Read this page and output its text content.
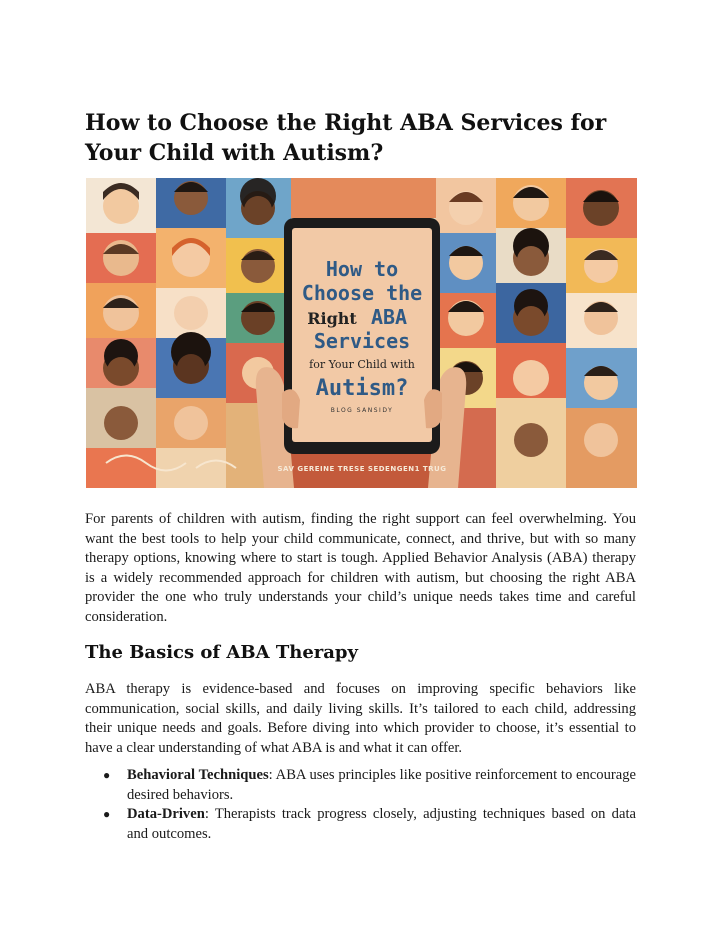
How to Choose the Right ABA Services for Your Child with Autism?
How to
Choose the
Right ABA
Services
for Your Child with
Autism?
BLOG SANSIDY
SAV GEREINE TRESE SEDENGEN1 TRUG

For parents of children with autism, finding the right support can feel overwhelming. You want the best tools to help your child communicate, connect, and thrive, but with so many therapy options, knowing where to start is tough. Applied Behavior Analysis (ABA) therapy is a widely recommended approach for children with autism, but choosing the right ABA provider the one who truly understands your child’s unique needs takes time and careful consideration.

The Basics of ABA Therapy

ABA therapy is evidence-based and focuses on improving specific behaviors like communication, social skills, and daily living skills. It’s tailored to each child, addressing their unique needs and goals. Before diving into which provider to choose, it’s essential to have a clear understanding of what ABA is and what it can offer.

● Behavioral Techniques: ABA uses principles like positive reinforcement to encourage desired behaviors.
● Data-Driven: Therapists track progress closely, adjusting techniques based on data and outcomes.
